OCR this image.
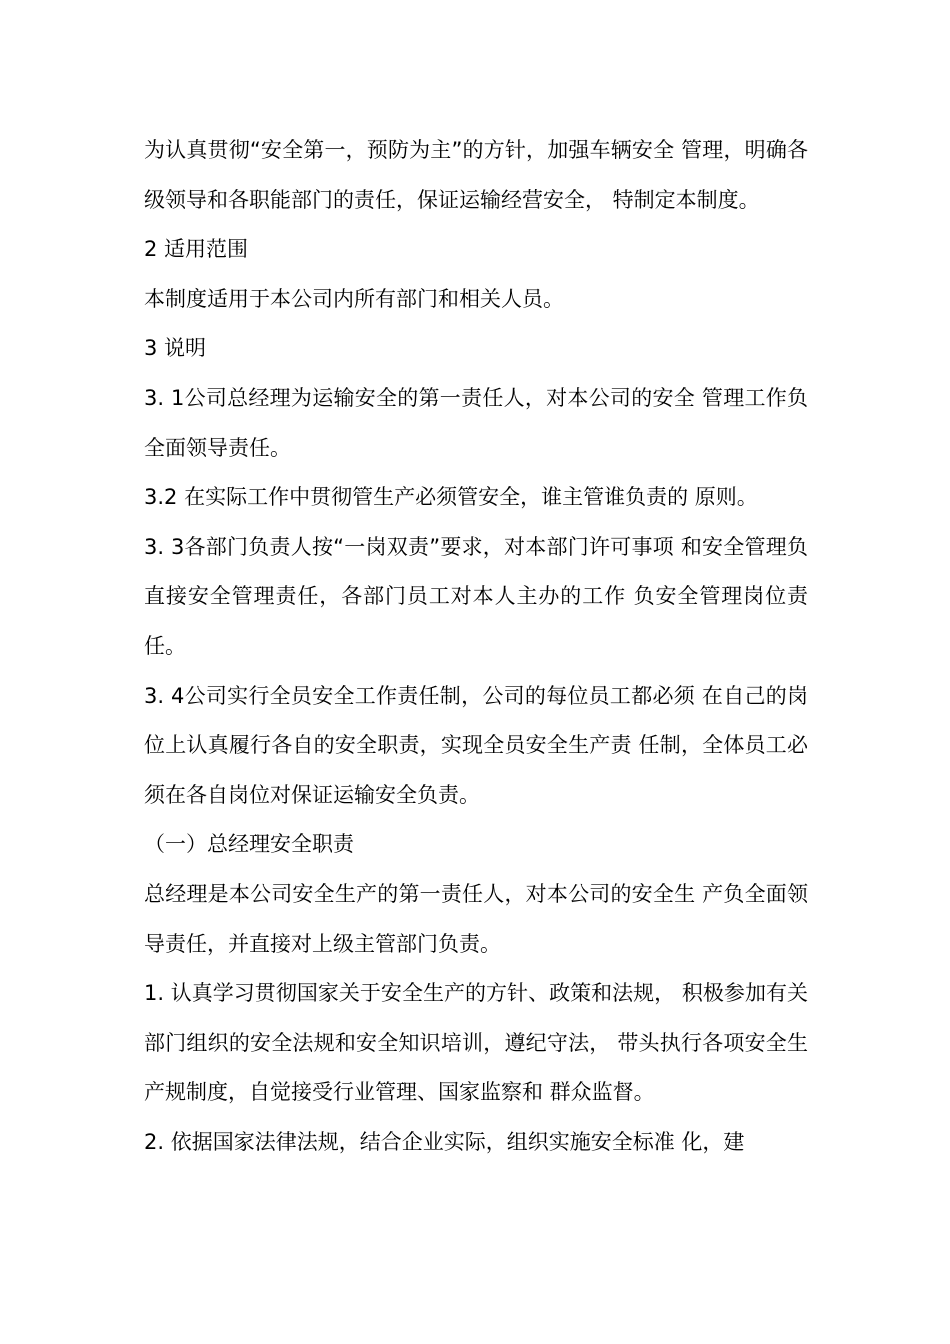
为认真贯彻“安全第一，预防为主”的方针，加强车辆安全 管理，明确各级领导和各职能部门的责任，保证运输经营安全， 特制定本制度。

2 适用范围

本制度适用于本公司内所有部门和相关人员。

3 说明

3. 1公司总经理为运输安全的第一责任人，对本公司的安全 管理工作负全面领导责任。

3.2 在实际工作中贯彻管生产必须管安全，谁主管谁负责的 原则。

3. 3各部门负责人按“一岗双责”要求，对本部门许可事项 和安全管理负直接安全管理责任，各部门员工对本人主办的工作 负安全管理岗位责任。

3. 4公司实行全员安全工作责任制，公司的每位员工都必须 在自己的岗位上认真履行各自的安全职责，实现全员安全生产责 任制，全体员工必须在各自岗位对保证运输安全负责。

（一）总经理安全职责

总经理是本公司安全生产的第一责任人，对本公司的安全生 产负全面领导责任，并直接对上级主管部门负责。

1. 认真学习贯彻国家关于安全生产的方针、政策和法规， 积极参加有关部门组织的安全法规和安全知识培训，遵纪守法， 带头执行各项安全生产规制度，自觉接受行业管理、国家监察和 群众监督。

2. 依据国家法律法规，结合企业实际，组织实施安全标准 化，建
